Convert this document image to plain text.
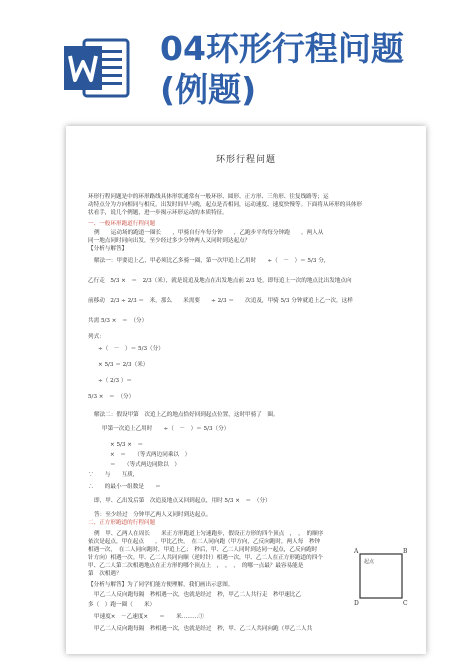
04环形行程问题
(例题)
环形行程问题
环形行程问题是中的环形路线具体形状通常有一般环形、圆形、正方形、三角形、往复线路等；运
动特点分为方向相同与相反，出发时间早与晚，起点是否相同，运动速度、速度快慢等。下面将从环形的具体形
状看手，说几个例题，进一步揭示环形运动的本质特征。
一、一般环形跑道行程问题
例　　运动场的跑道一圈长　　，甲骑自行车每分钟　　，乙跑步平均每分钟跑　　。两人从
同一地点同时同向出发，至少经过多少分钟两人又同时到达起点？
【分析与解答】
解法一：甲要追上乙，甲必须比乙多骑一圈，第一次甲追上乙用时　　÷（　－　）＝ 5/3 分，
乙行走　5/3 ×　＝　2/3（米），就是说追及地点在出发地点前 2/3 处，即每追上一次的地点比出发地点向
前移动　2/3 ÷ 2/3 ＝　米，那么　　米需要　　÷ 2/3 ＝　　次追及，甲骑 5/3 分钟就追上乙一次，这样
共需 5/3 ×　＝　（分）
列式：
÷（　－　）＝ 5/3（分）
× 5/3 ＝ 2/3（米）
÷（ 2/3 ）＝
5/3 ×　＝　（分）
解法二：假设甲第　次追上乙的地点恰好回到起点位置，这时甲骑了　圈。
甲第一次追上乙用时　　÷（　－　）＝ 5/3（分）
× 5/3 ×　＝
×　＝　　（等式两边同乘以　）
＝　　（等式两边同除以　）
∵　　与　　互质，
∴　　的最小一组数是　　＝
即，甲、乙出发后第　次追及地点又回到起点，用时 5/3 ×　＝　（分）
答：至少经过　分钟甲乙两人又同时到达起点。
二、正方形跑道的行程问题
例　甲、乙两人在周长　　米正方形跑道上匀速跑步，假设正方形的四个顶点　，　，　的顺序
依次是起点，甲在起点　　，甲比乙快，　在二人同向跑（甲方向，乙反向跑时，两人每　秒钟
相遇一次，　在二人同向跑时，甲追上乙；　秒后，甲、乙二人同时到达同一起点，乙反向跑时
针方向）相遇一次。甲、乙二人共同向顺（逆时针）相遇一次，甲、乙二人在正方形跑道的四个
甲、乙二人第二次相遇地点在正方形的哪个顶点上　，　，　，　的哪一点最？最容易能是
第　次相遇？
【分析与解答】为了同学们能方便理解，我们画出示意图。
甲乙二人反向跑每隔　秒相遇一次，也就是经过　秒，甲乙二人共行走　秒甲速比乙
多（　）跑一圈（　　米）
甲速度×　－乙速度×　　＝　　米………①
甲乙二人反向跑每隔　秒相遇一次，也就是经过　秒，甲、乙二人共同向跑（甲乙二人共
A	B
C
D
起点
